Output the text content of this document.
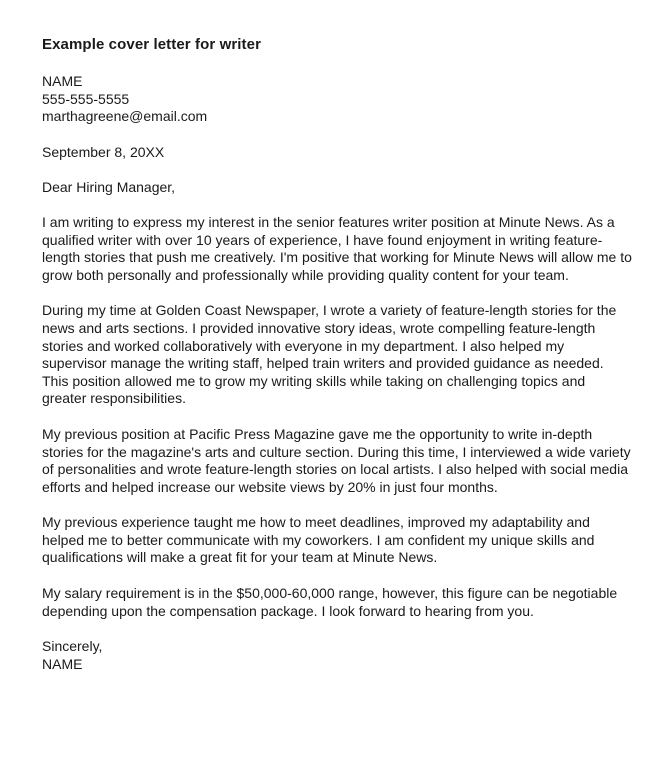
Example cover letter for writer
NAME
555-555-5555
marthagreene@email.com

September 8, 20XX

Dear Hiring Manager,

I am writing to express my interest in the senior features writer position at Minute News. As a qualified writer with over 10 years of experience, I have found enjoyment in writing feature-length stories that push me creatively. I'm positive that working for Minute News will allow me to grow both personally and professionally while providing quality content for your team.

During my time at Golden Coast Newspaper, I wrote a variety of feature-length stories for the news and arts sections. I provided innovative story ideas, wrote compelling feature-length stories and worked collaboratively with everyone in my department. I also helped my supervisor manage the writing staff, helped train writers and provided guidance as needed. This position allowed me to grow my writing skills while taking on challenging topics and greater responsibilities.

My previous position at Pacific Press Magazine gave me the opportunity to write in-depth stories for the magazine's arts and culture section. During this time, I interviewed a wide variety of personalities and wrote feature-length stories on local artists. I also helped with social media efforts and helped increase our website views by 20% in just four months.

My previous experience taught me how to meet deadlines, improved my adaptability and helped me to better communicate with my coworkers. I am confident my unique skills and qualifications will make a great fit for your team at Minute News.

My salary requirement is in the $50,000-60,000 range, however, this figure can be negotiable depending upon the compensation package. I look forward to hearing from you.

Sincerely,
NAME
